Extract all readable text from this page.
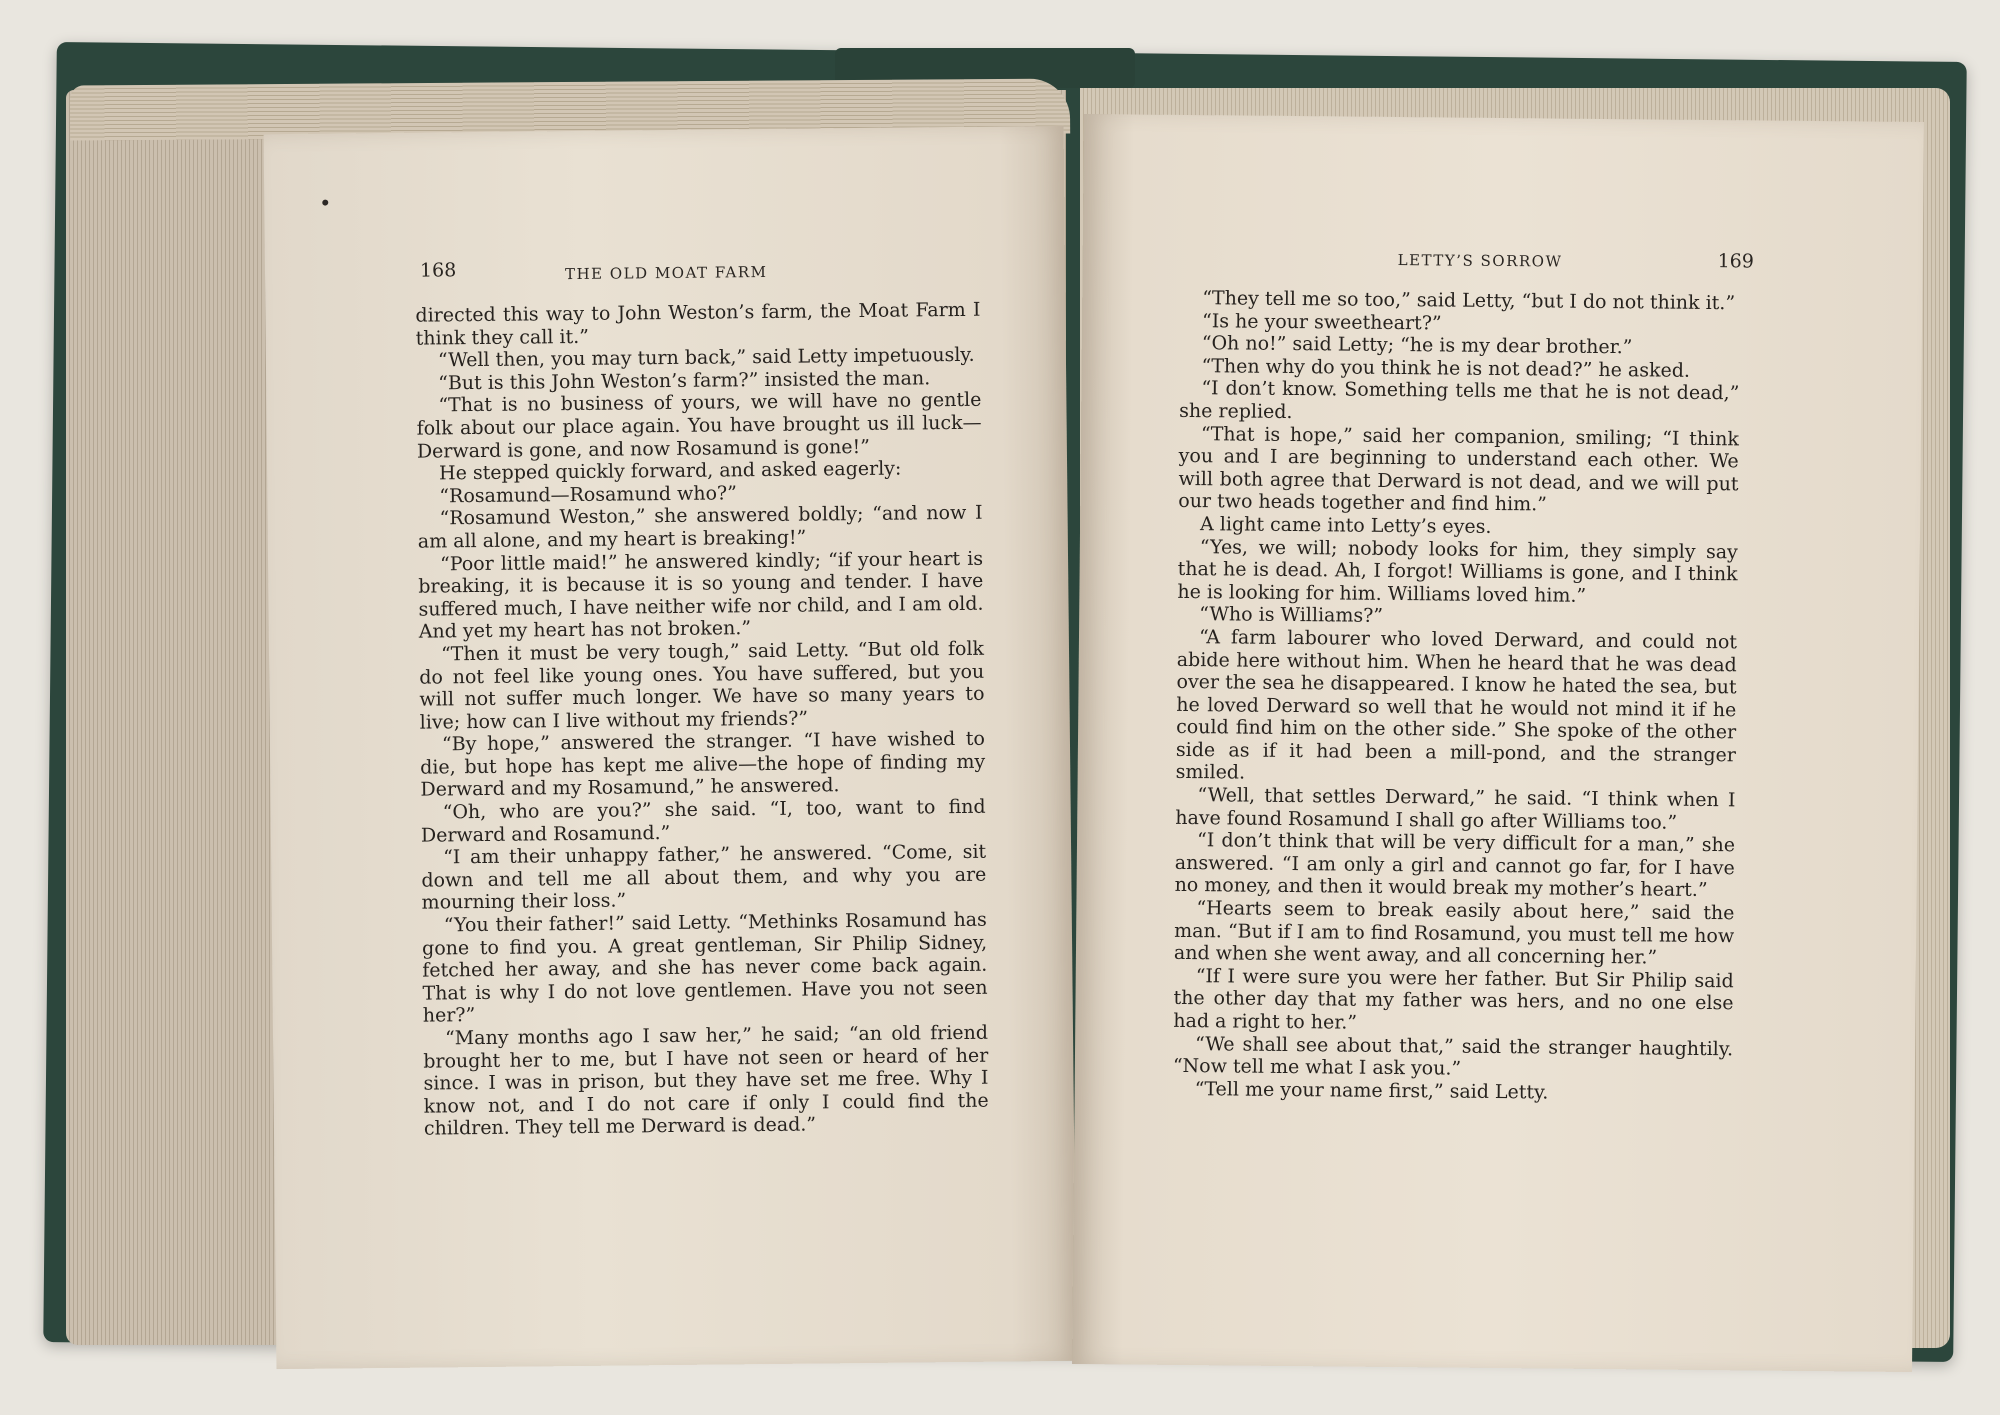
168	THE OLD MOAT FARM

directed this way to John Weston’s farm, the Moat Farm I think they call it.”

“Well then, you may turn back,” said Letty impetuously.

“But is this John Weston’s farm?” insisted the man.

“That is no business of yours, we will have no gentle folk about our place again. You have brought us ill luck—Derward is gone, and now Rosamund is gone!”

He stepped quickly forward, and asked eagerly:

“Rosamund—Rosamund who?”

“Rosamund Weston,” she answered boldly; “and now I am all alone, and my heart is breaking!”

“Poor little maid!” he answered kindly; “if your heart is breaking, it is because it is so young and tender. I have suffered much, I have neither wife nor child, and I am old. And yet my heart has not broken.”

“Then it must be very tough,” said Letty. “But old folk do not feel like young ones. You have suffered, but you will not suffer much longer. We have so many years to live; how can I live without my friends?”

“By hope,” answered the stranger. “I have wished to die, but hope has kept me alive—the hope of finding my Derward and my Rosamund,” he answered.

“Oh, who are you?” she said. “I, too, want to find Derward and Rosamund.”

“I am their unhappy father,” he answered. “Come, sit down and tell me all about them, and why you are mourning their loss.”

“You their father!” said Letty. “Methinks Rosamund has gone to find you. A great gentleman, Sir Philip Sidney, fetched her away, and she has never come back again. That is why I do not love gentlemen. Have you not seen her?”

“Many months ago I saw her,” he said; “an old friend brought her to me, but I have not seen or heard of her since. I was in prison, but they have set me free. Why I know not, and I do not care if only I could find the children. They tell me Derward is dead.”

LETTY’S SORROW	169

“They tell me so too,” said Letty, “but I do not think it.”

“Is he your sweetheart?”

“Oh no!” said Letty; “he is my dear brother.”

“Then why do you think he is not dead?” he asked.

“I don’t know. Something tells me that he is not dead,” she replied.

“That is hope,” said her companion, smiling; “I think you and I are beginning to understand each other. We will both agree that Derward is not dead, and we will put our two heads together and find him.”

A light came into Letty’s eyes.

“Yes, we will; nobody looks for him, they simply say that he is dead. Ah, I forgot! Williams is gone, and I think he is looking for him. Williams loved him.”

“Who is Williams?”

“A farm labourer who loved Derward, and could not abide here without him. When he heard that he was dead over the sea he disappeared. I know he hated the sea, but he loved Derward so well that he would not mind it if he could find him on the other side.” She spoke of the other side as if it had been a mill-pond, and the stranger smiled.

“Well, that settles Derward,” he said. “I think when I have found Rosamund I shall go after Williams too.”

“I don’t think that will be very difficult for a man,” she answered. “I am only a girl and cannot go far, for I have no money, and then it would break my mother’s heart.”

“Hearts seem to break easily about here,” said the man. “But if I am to find Rosamund, you must tell me how and when she went away, and all concerning her.”

“If I were sure you were her father. But Sir Philip said the other day that my father was hers, and no one else had a right to her.”

“We shall see about that,” said the stranger haughtily. “Now tell me what I ask you.”

“Tell me your name first,” said Letty.
